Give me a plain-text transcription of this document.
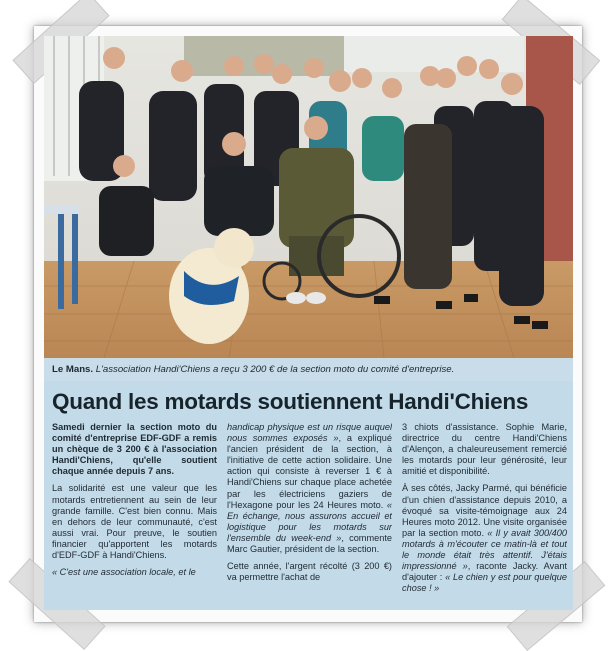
Le Mans. L'association Handi'Chiens a reçu 3 200 € de la section moto du comité d'entreprise.
Quand les motards soutiennent Handi'Chiens

Samedi dernier la section moto du comité d'entreprise EDF-GDF a remis un chèque de 3 200 € à l'association Handi'Chiens, qu'elle soutient chaque année depuis 7 ans.

La solidarité est une valeur que les motards entretiennent au sein de leur grande famille. C'est bien connu. Mais en dehors de leur communauté, c'est aussi vrai. Pour preuve, le soutien financier qu'apportent les motards d'EDF-GDF à Handi'Chiens.

« C'est une association locale, et le

handicap physique est un risque auquel nous sommes exposés », a expliqué l'ancien président de la section, à l'initiative de cette action solidaire. Une action qui consiste à reverser 1 € à Handi'Chiens sur chaque place achetée par les électriciens gaziers de l'Hexagone pour les 24 Heures moto. « En échange, nous assurons accueil et logistique pour les motards sur l'ensemble du week-end », commente Marc Gautier, président de la section.

Cette année, l'argent récolté (3 200 €) va permettre l'achat de

3 chiots d'assistance. Sophie Marie, directrice du centre Handi'Chiens d'Alençon, a chaleureusement remercié les motards pour leur générosité, leur amitié et disponibilité.

À ses côtés, Jacky Parmé, qui bénéficie d'un chien d'assistance depuis 2010, a évoqué sa visite-témoignage aux 24 Heures moto 2012. Une visite organisée par la section moto. « Il y avait 300/400 motards à m'écouter ce matin-là et tout le monde était très attentif. J'étais impressionné », raconte Jacky. Avant d'ajouter : « Le chien y est pour quelque chose ! »
